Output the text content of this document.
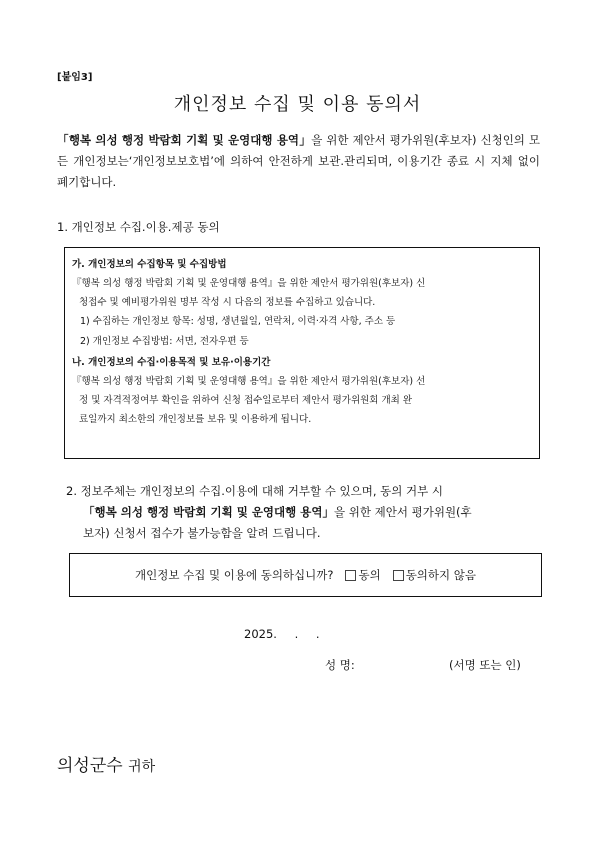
[붙임3]
개인정보 수집 및 이용 동의서
「행복 의성 행정 박람회 기획 및 운영대행 용역」을 위한 제안서 평가위원(후보자) 신청인의 모든 개인정보는‘개인정보보호법’에 의하여 안전하게 보관.관리되며, 이용기간 종료 시 지체 없이 폐기합니다.
1. 개인정보 수집.이용.제공 동의
가. 개인정보의 수집항목 및 수집방법
『행복 의성 행정 박람회 기획 및 운영대행 용역』을 위한 제안서 평가위원(후보자) 신
청접수 및 예비평가위원 명부 작성 시 다음의 정보를 수집하고 있습니다.
1) 수집하는 개인정보 항목: 성명, 생년월일, 연락처, 이력·자격 사항, 주소 등
2) 개인정보 수집방법: 서면, 전자우편 등
나. 개인정보의 수집·이용목적 및 보유·이용기간
『행복 의성 행정 박람회 기획 및 운영대행 용역』을 위한 제안서 평가위원(후보자) 선
정 및 자격적정여부 확인을 위하여 신청 접수일로부터 제안서 평가위원회 개최 완
료일까지 최소한의 개인정보를 보유 및 이용하게 됩니다.
2. 정보주체는 개인정보의 수집.이용에 대해 거부할 수 있으며, 동의 거부 시
「행복 의성 행정 박람회 기획 및 운영대행 용역」을 위한 제안서 평가위원(후
보자) 신청서 접수가 불가능함을 알려 드립니다.
개인정보 수집 및 이용에 동의하십니까?	동의	동의하지 않음
2025. . .
성 명:	(서명 또는 인)
의성군수 귀하
